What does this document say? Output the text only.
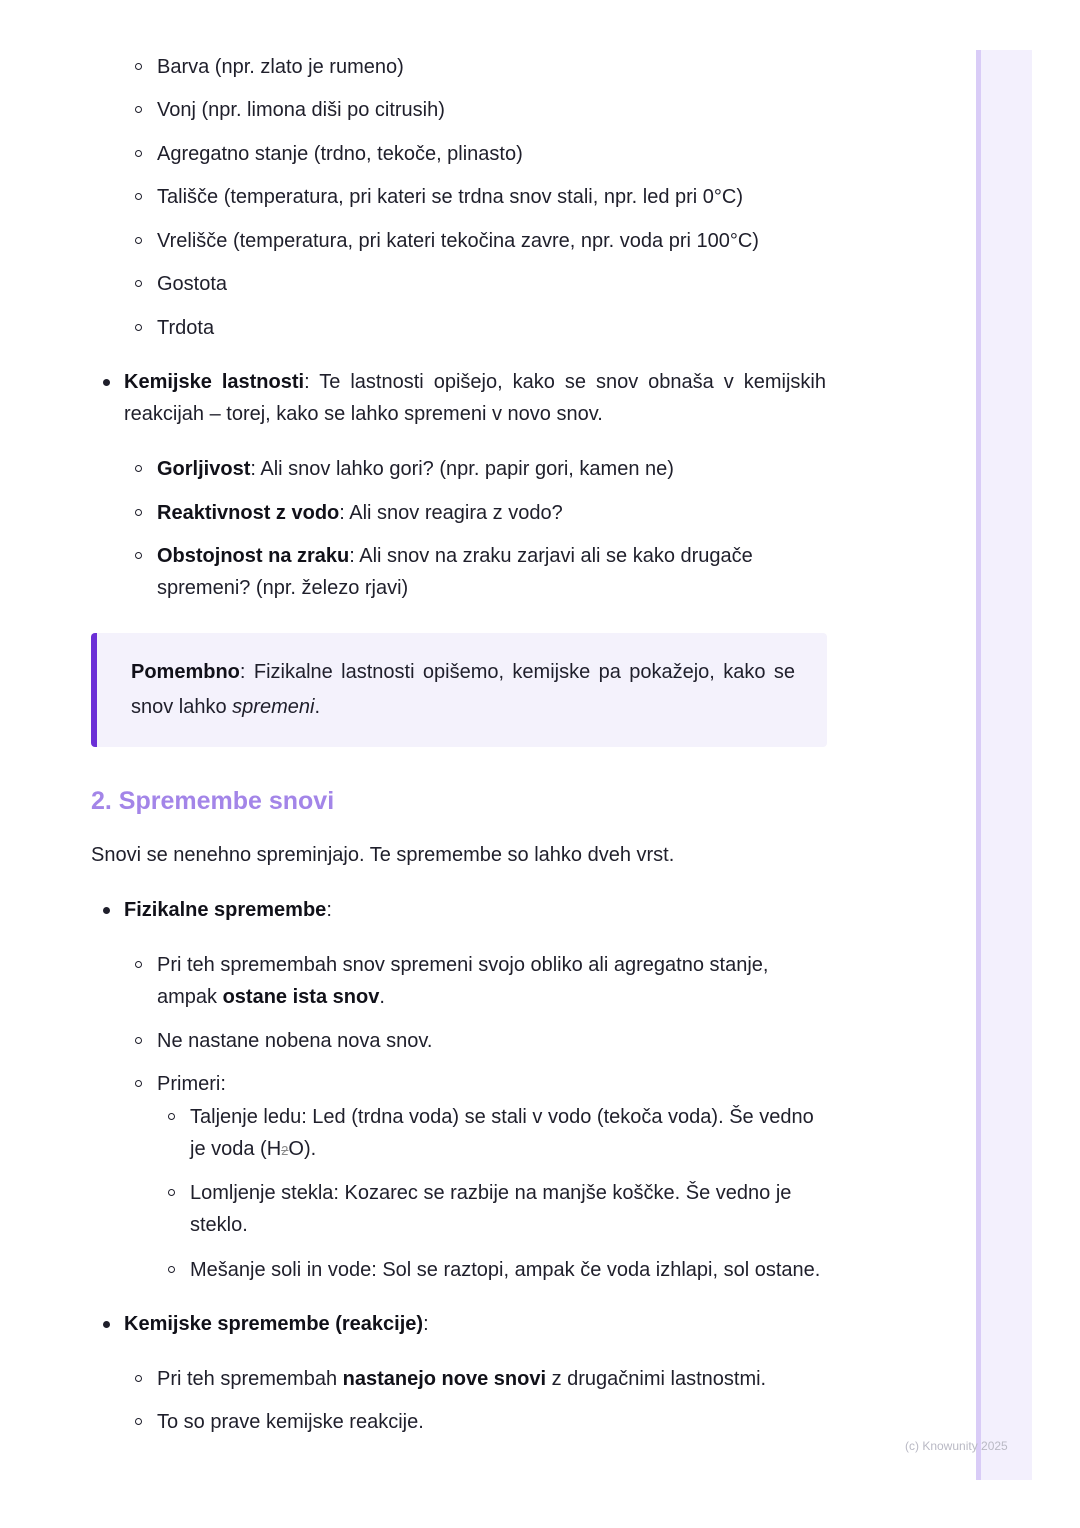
Barva (npr. zlato je rumeno)
Vonj (npr. limona diši po citrusih)
Agregatno stanje (trdno, tekoče, plinasto)
Tališče (temperatura, pri kateri se trdna snov stali, npr. led pri 0°C)
Vrelišče (temperatura, pri kateri tekočina zavre, npr. voda pri 100°C)
Gostota
Trdota
Kemijske lastnosti: Te lastnosti opišejo, kako se snov obnaša v kemijskih reakcijah – torej, kako se lahko spremeni v novo snov.
Gorljivost: Ali snov lahko gori? (npr. papir gori, kamen ne)
Reaktivnost z vodo: Ali snov reagira z vodo?
Obstojnost na zraku: Ali snov na zraku zarjavi ali se kako drugače spremeni? (npr. železo rjavi)
Pomembno: Fizikalne lastnosti opišemo, kemijske pa pokažejo, kako se snov lahko spremeni.
2. Spremembe snovi
Snovi se nenehno spreminjajo. Te spremembe so lahko dveh vrst.
Fizikalne spremembe:
Pri teh spremembah snov spremeni svojo obliko ali agregatno stanje, ampak ostane ista snov.
Ne nastane nobena nova snov.
Primeri:
Taljenje ledu: Led (trdna voda) se stali v vodo (tekoča voda). Še vedno je voda (H2O).
Lomljenje stekla: Kozarec se razbije na manjše koščke. Še vedno je steklo.
Mešanje soli in vode: Sol se raztopi, ampak če voda izhlapi, sol ostane.
Kemijske spremembe (reakcije):
Pri teh spremembah nastanejo nove snovi z drugačnimi lastnostmi.
To so prave kemijske reakcije.
(c) Knowunity 2025
